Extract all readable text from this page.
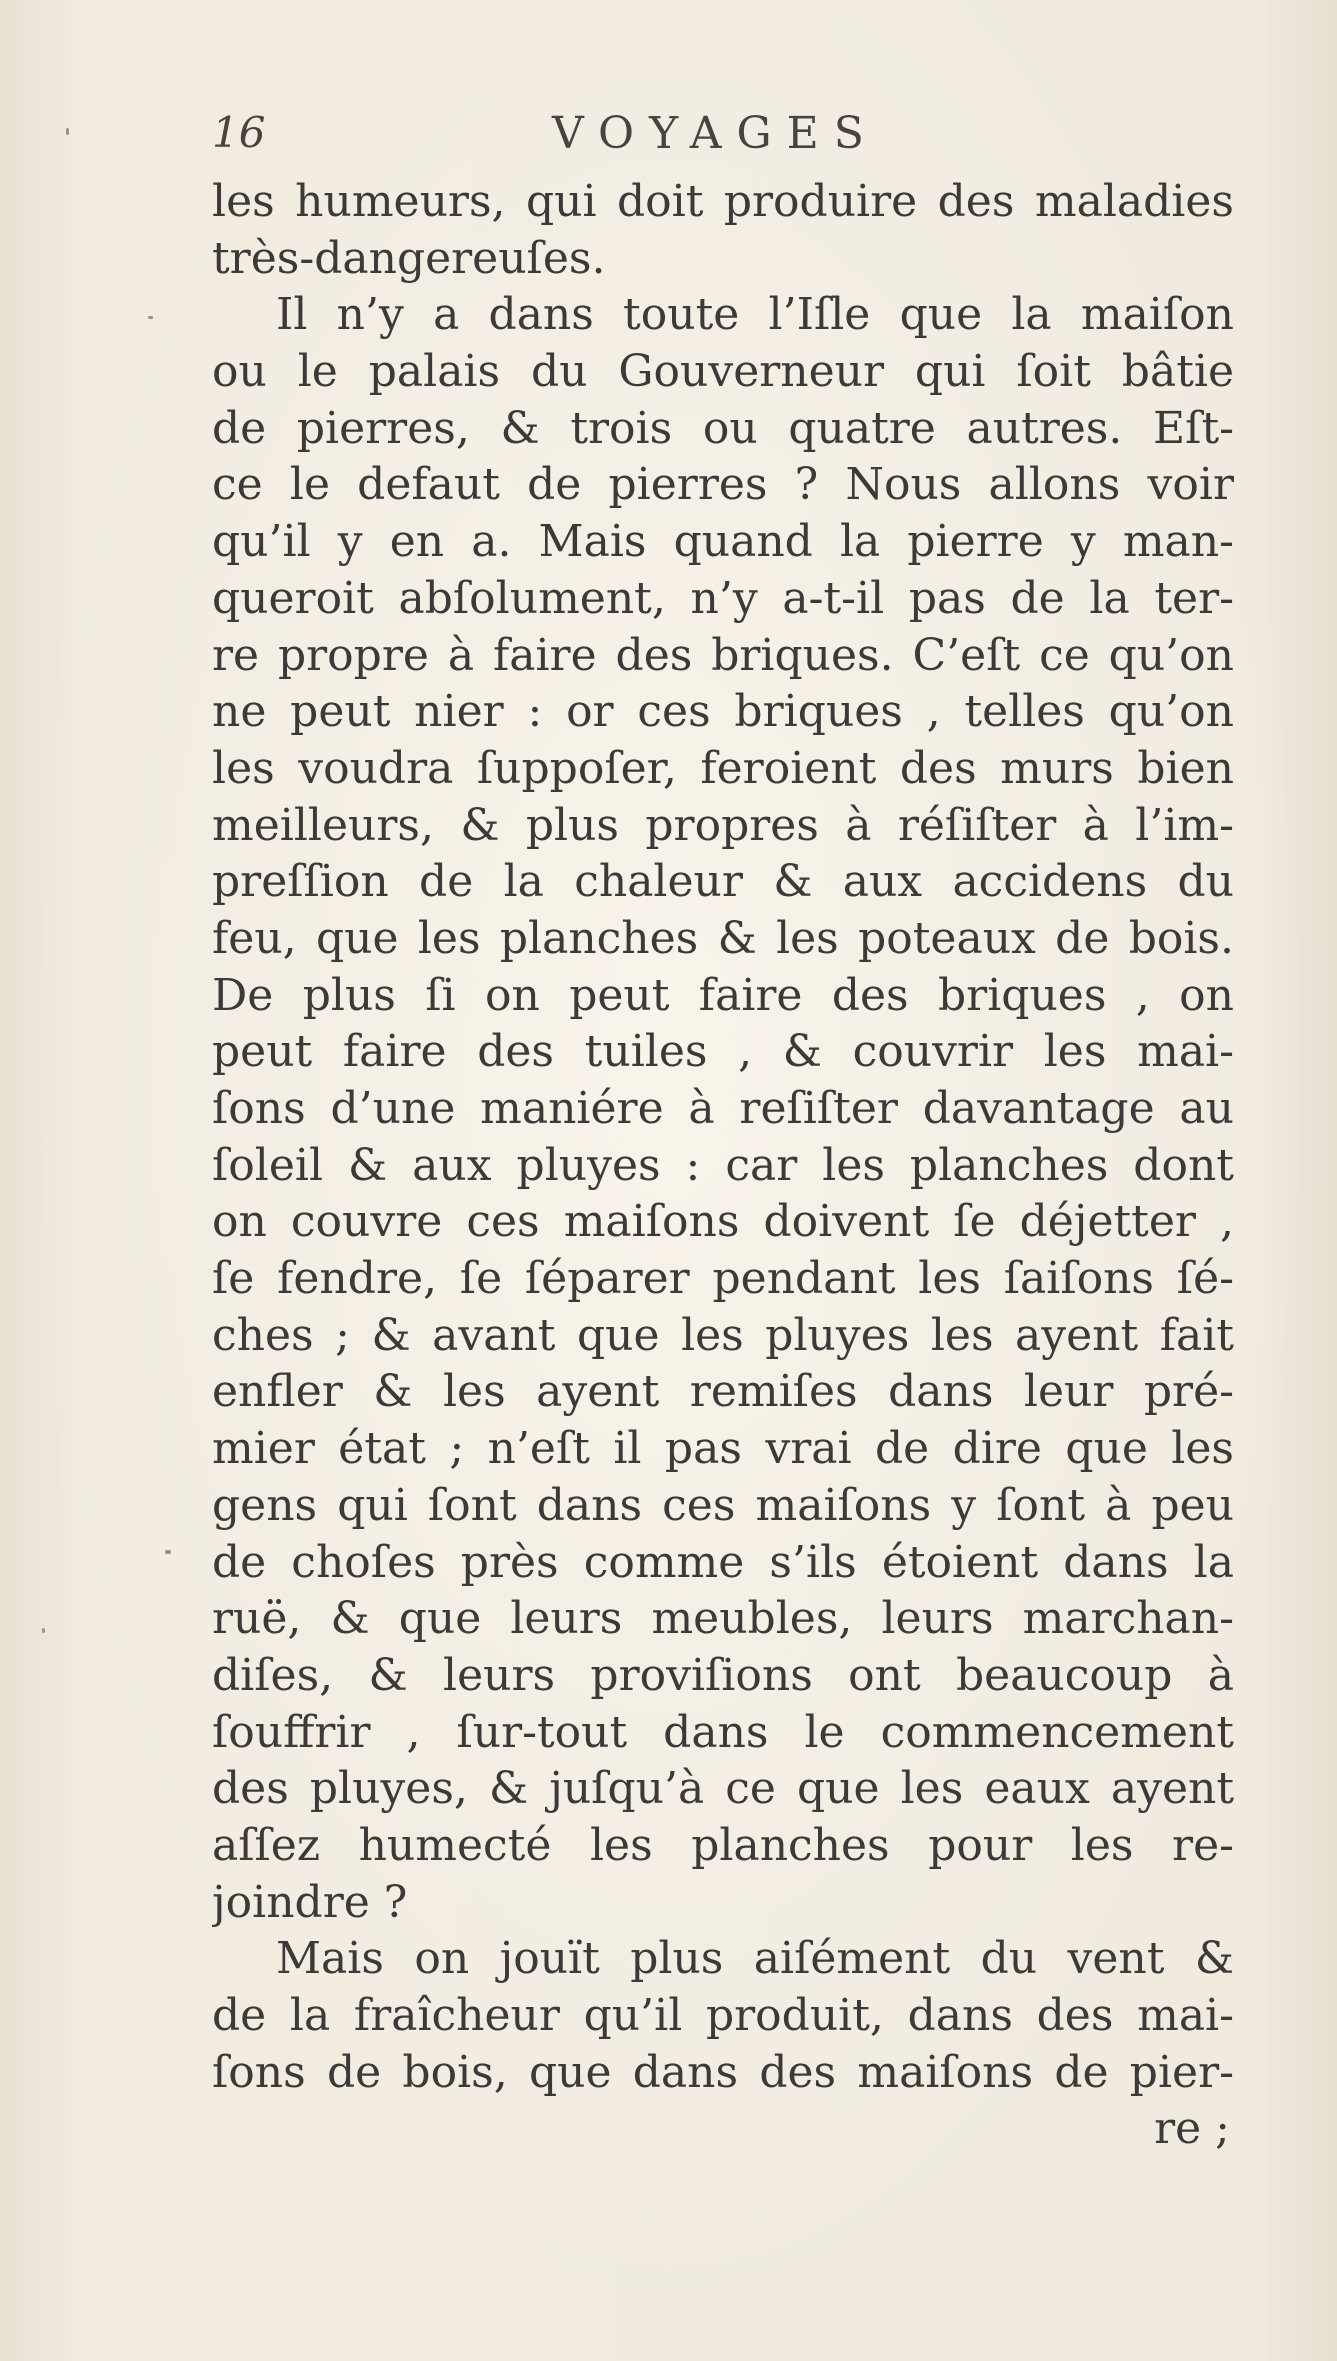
16	VOYAGES
les humeurs, qui doit produire des maladies
très-dangereuſes.
Il n’y a dans toute l’Iſle que la maiſon
ou le palais du Gouverneur qui ſoit bâtie
de pierres, & trois ou quatre autres. Eſt-
ce le defaut de pierres ? Nous allons voir
qu’il y en a. Mais quand la pierre y man-
queroit abſolument, n’y a-t-il pas de la ter-
re propre à faire des briques. C’eſt ce qu’on
ne peut nier : or ces briques , telles qu’on
les voudra ſuppoſer, feroient des murs bien
meilleurs, & plus propres à réſiſter à l’im-
preſſion de la chaleur & aux accidens du
feu, que les planches & les poteaux de bois.
De plus ſi on peut faire des briques , on
peut faire des tuiles , & couvrir les mai-
ſons d’une maniére à reſiſter davantage au
ſoleil & aux pluyes : car les planches dont
on couvre ces maiſons doivent ſe déjetter ,
ſe fendre, ſe ſéparer pendant les ſaiſons ſé-
ches ; & avant que les pluyes les ayent fait
enfler & les ayent remiſes dans leur pré-
mier état ; n’eſt il pas vrai de dire que les
gens qui ſont dans ces maiſons y ſont à peu
de choſes près comme s’ils étoient dans la
ruë, & que leurs meubles, leurs marchan-
diſes, & leurs proviſions ont beaucoup à
ſouffrir , ſur-tout dans le commencement
des pluyes, & juſqu’à ce que les eaux ayent
aſſez humecté les planches pour les re-
joindre ?
Mais on jouït plus aiſément du vent &
de la fraîcheur qu’il produit, dans des mai-
ſons de bois, que dans des maiſons de pier-
re ;
